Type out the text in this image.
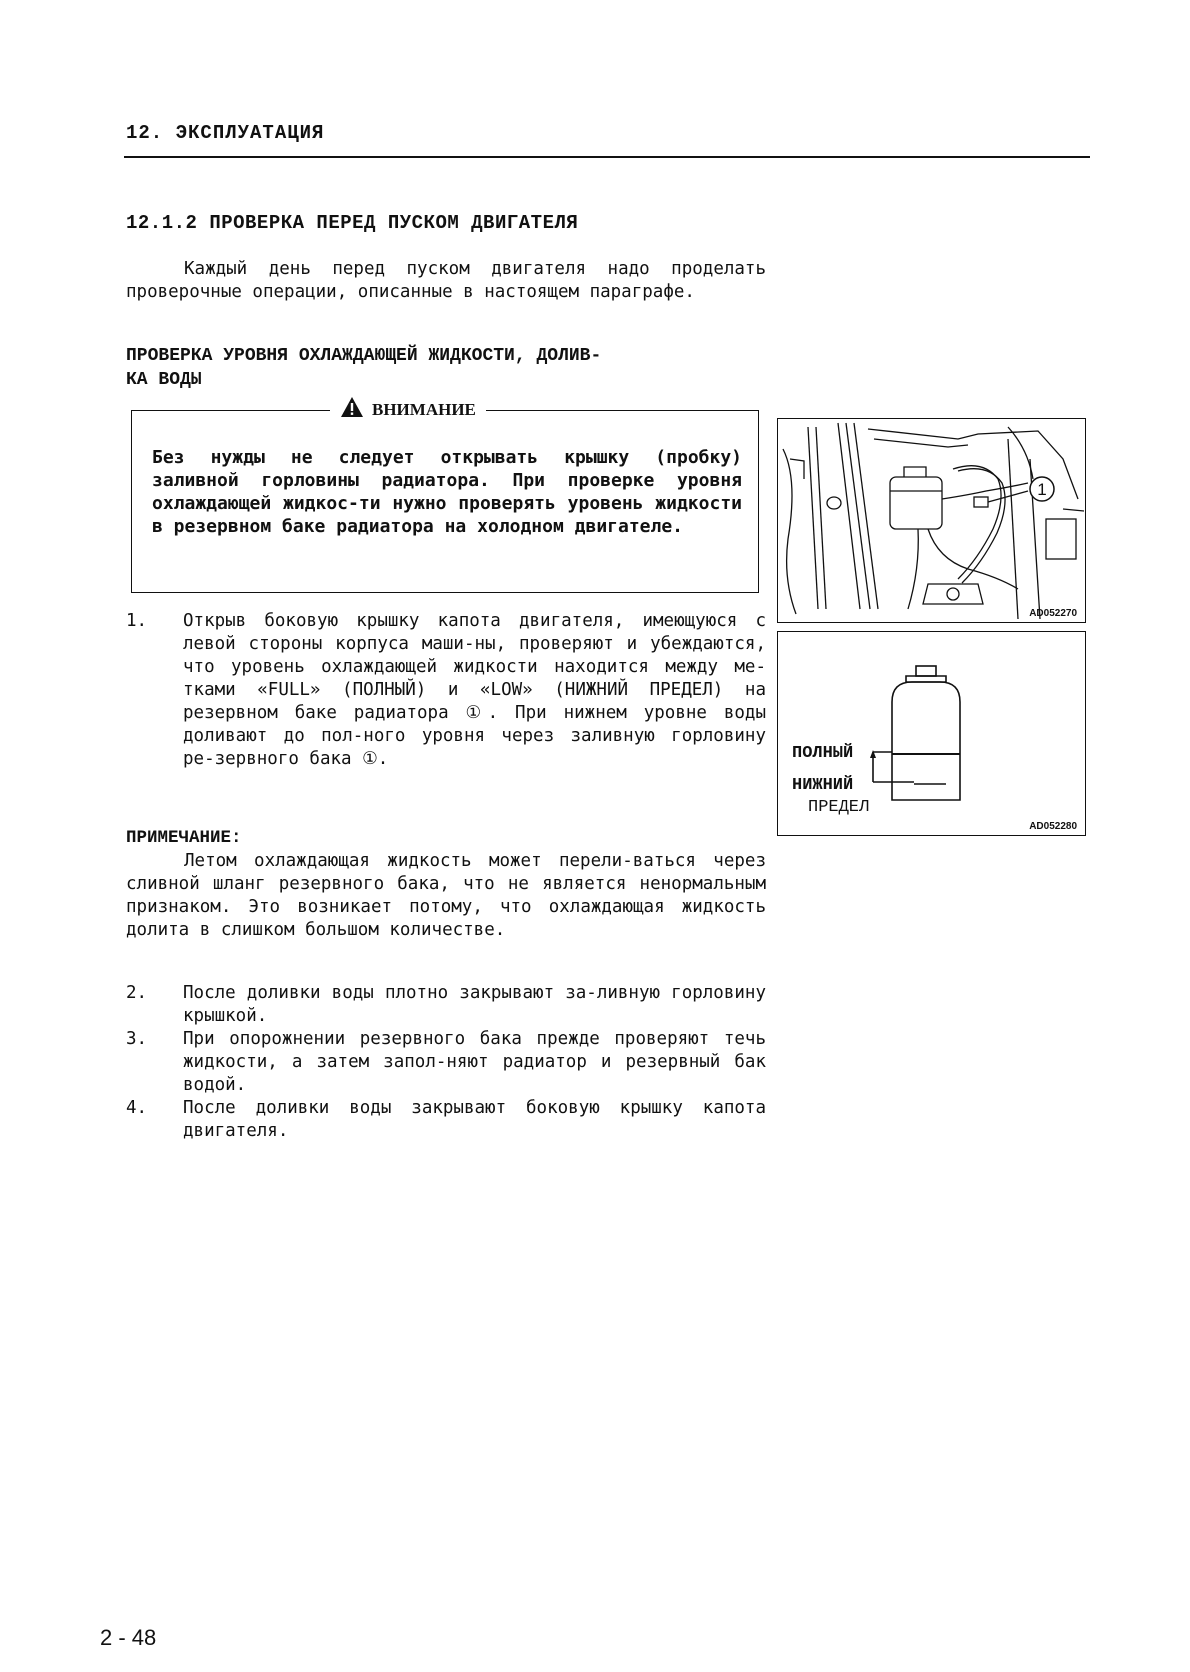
12. ЭКСПЛУАТАЦИЯ
12.1.2 ПРОВЕРКА ПЕРЕД ПУСКОМ ДВИГАТЕЛЯ

Каждый день перед пуском двигателя надо проделать проверочные операции, описанные в настоящем параграфе.

ПРОВЕРКА УРОВНЯ ОХЛАЖДАЮЩЕЙ ЖИДКОСТИ, ДОЛИВ-

КА ВОДЫ

ВНИМАНИЕ
Без нужды не следует открывать крышку (пробку) заливной горловины радиатора. При проверке уровня охлаждающей жидкос-ти нужно проверять уровень жидкости в резервном баке радиатора на холодном двигателе.
1. Открыв боковую крышку капота двигателя, имеющуюся с левой стороны корпуса маши-ны, проверяют и убеждаются, что уровень охлаждающей жидкости находится между ме-тками «FULL» (ПОЛНЫЙ) и «LOW» (НИЖНИЙ ПРЕДЕЛ) на резервном баке радиатора ①. При нижнем уровне воды доливают до пол-ного уровня через заливную горловину ре-зервного бака ①.

ПРИМЕЧАНИЕ:

Летом охлаждающая жидкость может перели-ваться через сливной шланг резервного бака, что не является ненормальным признаком. Это возникает потому, что охлаждающая жидкость долита в слишком большом количестве.

2. После доливки воды плотно закрывают за-ливную горловину крышкой.
3. При опорожнении резервного бака прежде проверяют течь жидкости, а затем запол-няют радиатор и резервный бак водой.
4. После доливки воды закрывают боковую крышку капота двигателя.
1
AD052270
ПОЛНЫЙ
НИЖНИЙ
ПРЕДЕЛ
AD052280
2 - 48
